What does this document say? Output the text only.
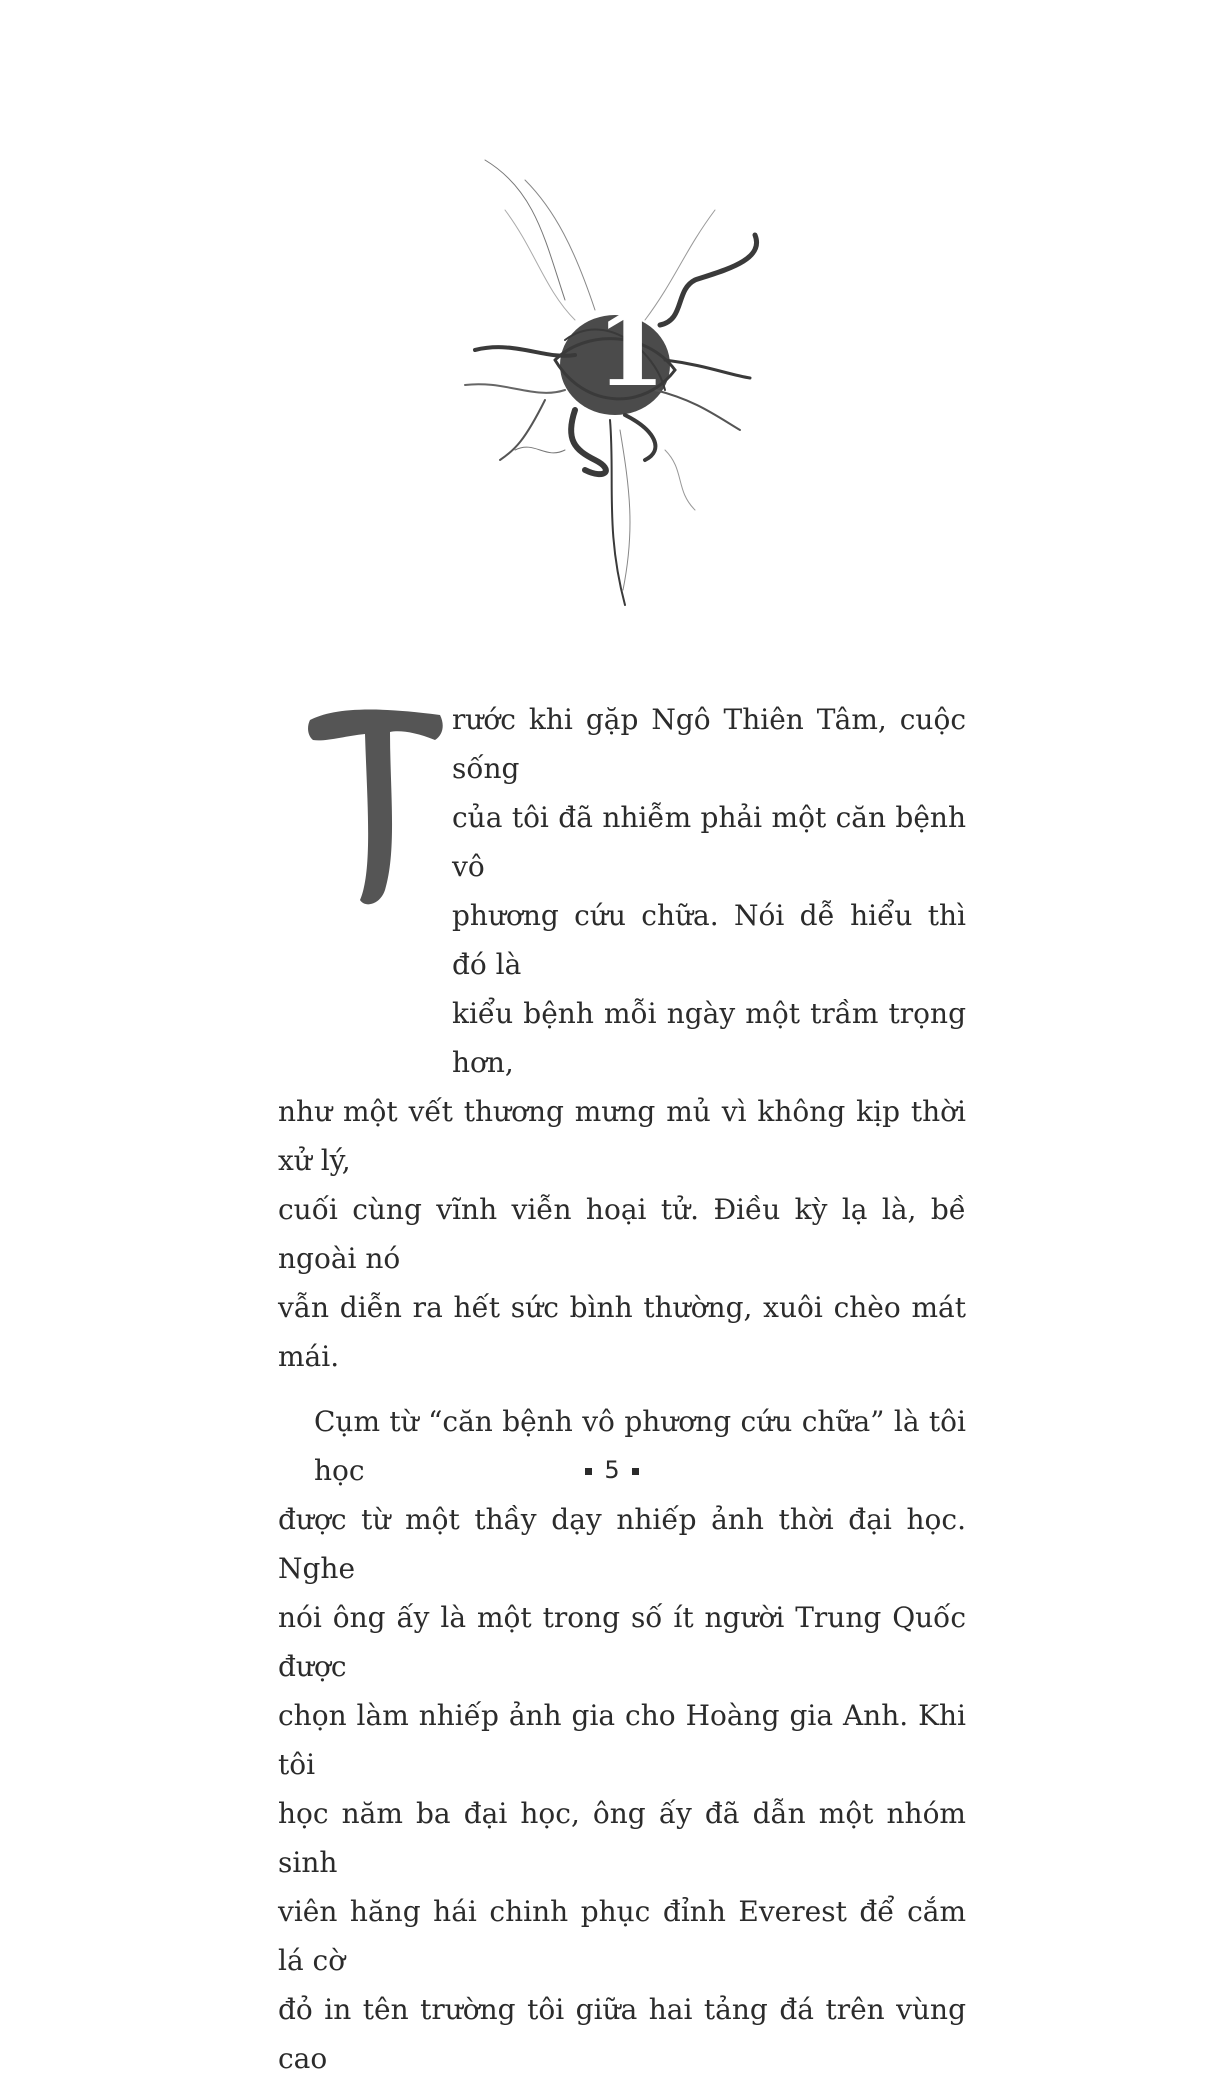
1

rước khi gặp Ngô Thiên Tâm, cuộc sống
của tôi đã nhiễm phải một căn bệnh vô
phương cứu chữa. Nói dễ hiểu thì đó là
kiểu bệnh mỗi ngày một trầm trọng hơn,
như một vết thương mưng mủ vì không kịp thời xử lý,
cuối cùng vĩnh viễn hoại tử. Điều kỳ lạ là, bề ngoài nó
vẫn diễn ra hết sức bình thường, xuôi chèo mát mái.

Cụm từ “căn bệnh vô phương cứu chữa” là tôi học
được từ một thầy dạy nhiếp ảnh thời đại học. Nghe
nói ông ấy là một trong số ít người Trung Quốc được
chọn làm nhiếp ảnh gia cho Hoàng gia Anh. Khi tôi
học năm ba đại học, ông ấy đã dẫn một nhóm sinh
viên hăng hái chinh phục đỉnh Everest để cắm lá cờ
đỏ in tên trường tôi giữa hai tảng đá trên vùng cao

5
